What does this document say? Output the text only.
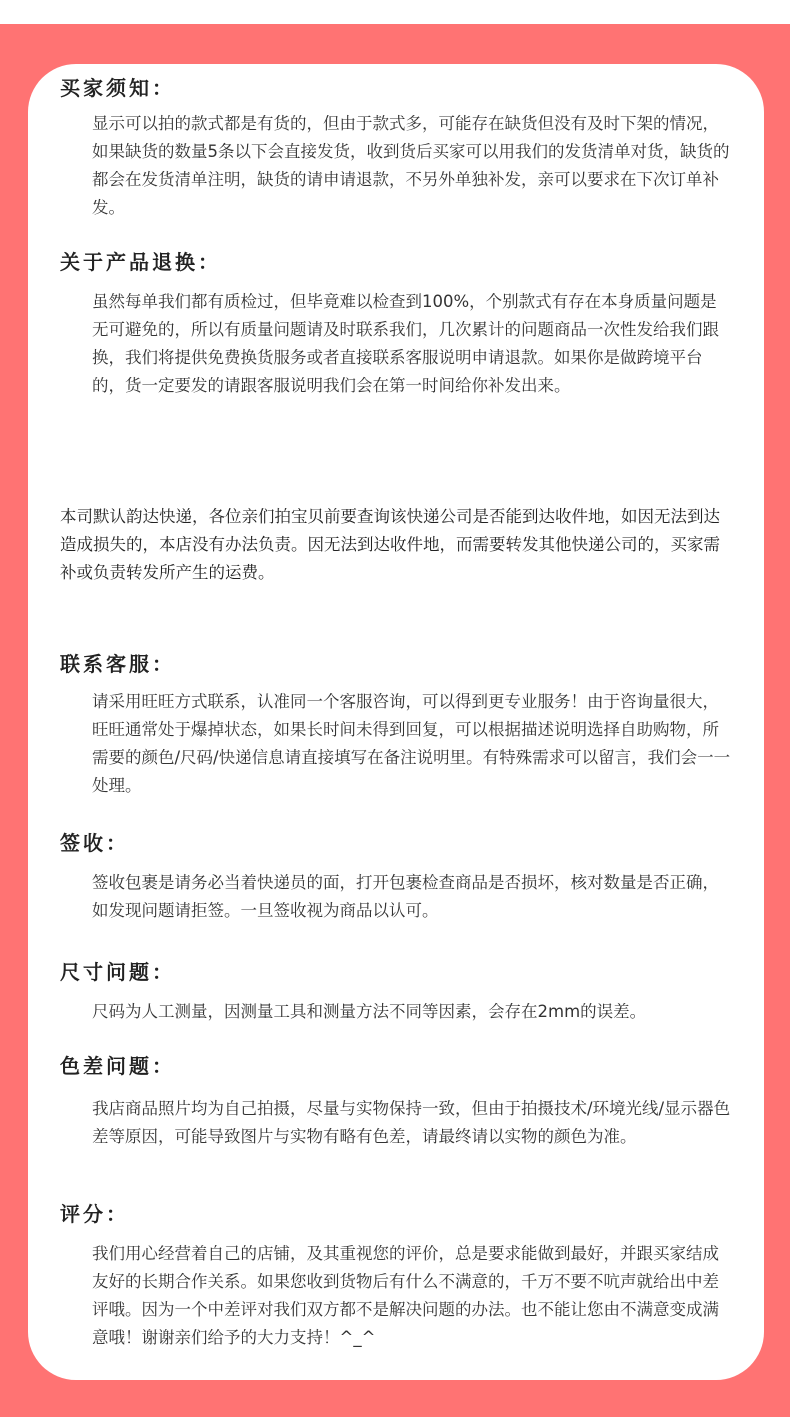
买家须知：

显示可以拍的款式都是有货的，但由于款式多，可能存在缺货但没有及时下架的情况，如果缺货的数量5条以下会直接发货，收到货后买家可以用我们的发货清单对货，缺货的都会在发货清单注明，缺货的请申请退款，不另外单独补发，亲可以要求在下次订单补发。

关于产品退换：

虽然每单我们都有质检过，但毕竟难以检查到100%，个别款式有存在本身质量问题是无可避免的，所以有质量问题请及时联系我们，几次累计的问题商品一次性发给我们跟换，我们将提供免费换货服务或者直接联系客服说明申请退款。如果你是做跨境平台的，货一定要发的请跟客服说明我们会在第一时间给你补发出来。

本司默认韵达快递，各位亲们拍宝贝前要查询该快递公司是否能到达收件地，如因无法到达造成损失的，本店没有办法负责。因无法到达收件地，而需要转发其他快递公司的，买家需补或负责转发所产生的运费。

联系客服：

请采用旺旺方式联系，认准同一个客服咨询，可以得到更专业服务！由于咨询量很大，旺旺通常处于爆掉状态，如果长时间未得到回复，可以根据描述说明选择自助购物，所需要的颜色/尺码/快递信息请直接填写在备注说明里。有特殊需求可以留言，我们会一一处理。

签收：

签收包裹是请务必当着快递员的面，打开包裹检查商品是否损坏，核对数量是否正确，如发现问题请拒签。一旦签收视为商品以认可。

尺寸问题：

尺码为人工测量，因测量工具和测量方法不同等因素，会存在2mm的误差。

色差问题：

我店商品照片均为自己拍摄，尽量与实物保持一致，但由于拍摄技术/环境光线/显示器色差等原因，可能导致图片与实物有略有色差，请最终请以实物的颜色为准。

评分：

我们用心经营着自己的店铺，及其重视您的评价，总是要求能做到最好，并跟买家结成友好的长期合作关系。如果您收到货物后有什么不满意的，千万不要不吭声就给出中差评哦。因为一个中差评对我们双方都不是解决问题的办法。也不能让您由不满意变成满意哦！谢谢亲们给予的大力支持！^_^
